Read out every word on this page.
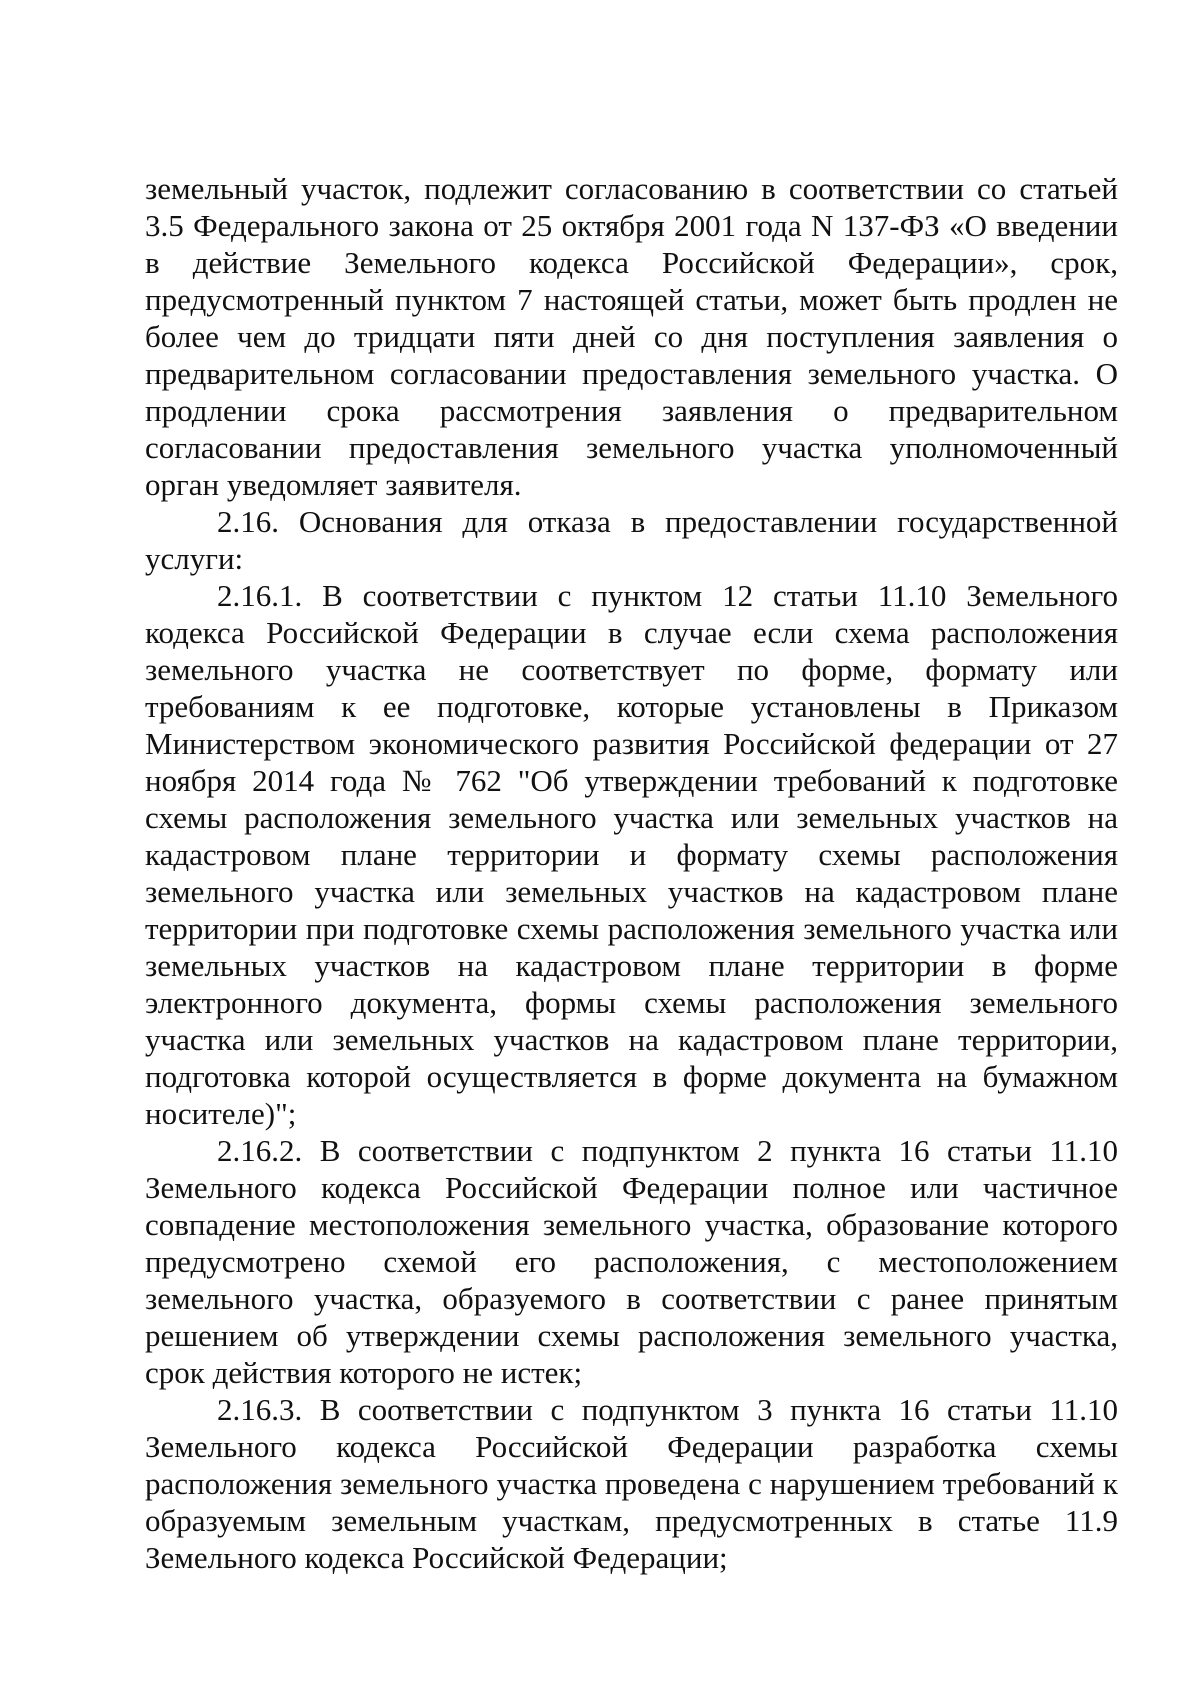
земельный участок, подлежит согласованию в соответствии со статьей 3.5 Федерального закона от 25 октября 2001 года N 137-ФЗ «О введении в действие Земельного кодекса Российской Федерации», срок, предусмотренный пунктом 7 настоящей статьи, может быть продлен не более чем до тридцати пяти дней со дня поступления заявления о предварительном согласовании предоставления земельного участка. О продлении срока рассмотрения заявления о предварительном согласовании предоставления земельного участка уполномоченный орган уведомляет заявителя.

2.16. Основания для отказа в предоставлении государственной услуги:

2.16.1. В соответствии с пунктом 12 статьи 11.10 Земельного кодекса Российской Федерации в случае если схема расположения земельного участка не соответствует по форме, формату или требованиям к ее подготовке, которые установлены в Приказом Министерством экономического развития Российской федерации от 27 ноября 2014 года № 762 "Об утверждении требований к подготовке схемы расположения земельного участка или земельных участков на кадастровом плане территории и формату схемы расположения земельного участка или земельных участков на кадастровом плане территории при подготовке схемы расположения земельного участка или земельных участков на кадастровом плане территории в форме электронного документа, формы схемы расположения земельного участка или земельных участков на кадастровом плане территории, подготовка которой осуществляется в форме документа на бумажном носителе)";

2.16.2. В соответствии с подпунктом 2 пункта 16 статьи 11.10 Земельного кодекса Российской Федерации полное или частичное совпадение местоположения земельного участка, образование которого предусмотрено схемой его расположения, с местоположением земельного участка, образуемого в соответствии с ранее принятым решением об утверждении схемы расположения земельного участка, срок действия которого не истек;

2.16.3. В соответствии с подпунктом 3 пункта 16 статьи 11.10 Земельного кодекса Российской Федерации разработка схемы расположения земельного участка проведена с нарушением требований к образуемым земельным участкам, предусмотренных в статье 11.9 Земельного кодекса Российской Федерации;
